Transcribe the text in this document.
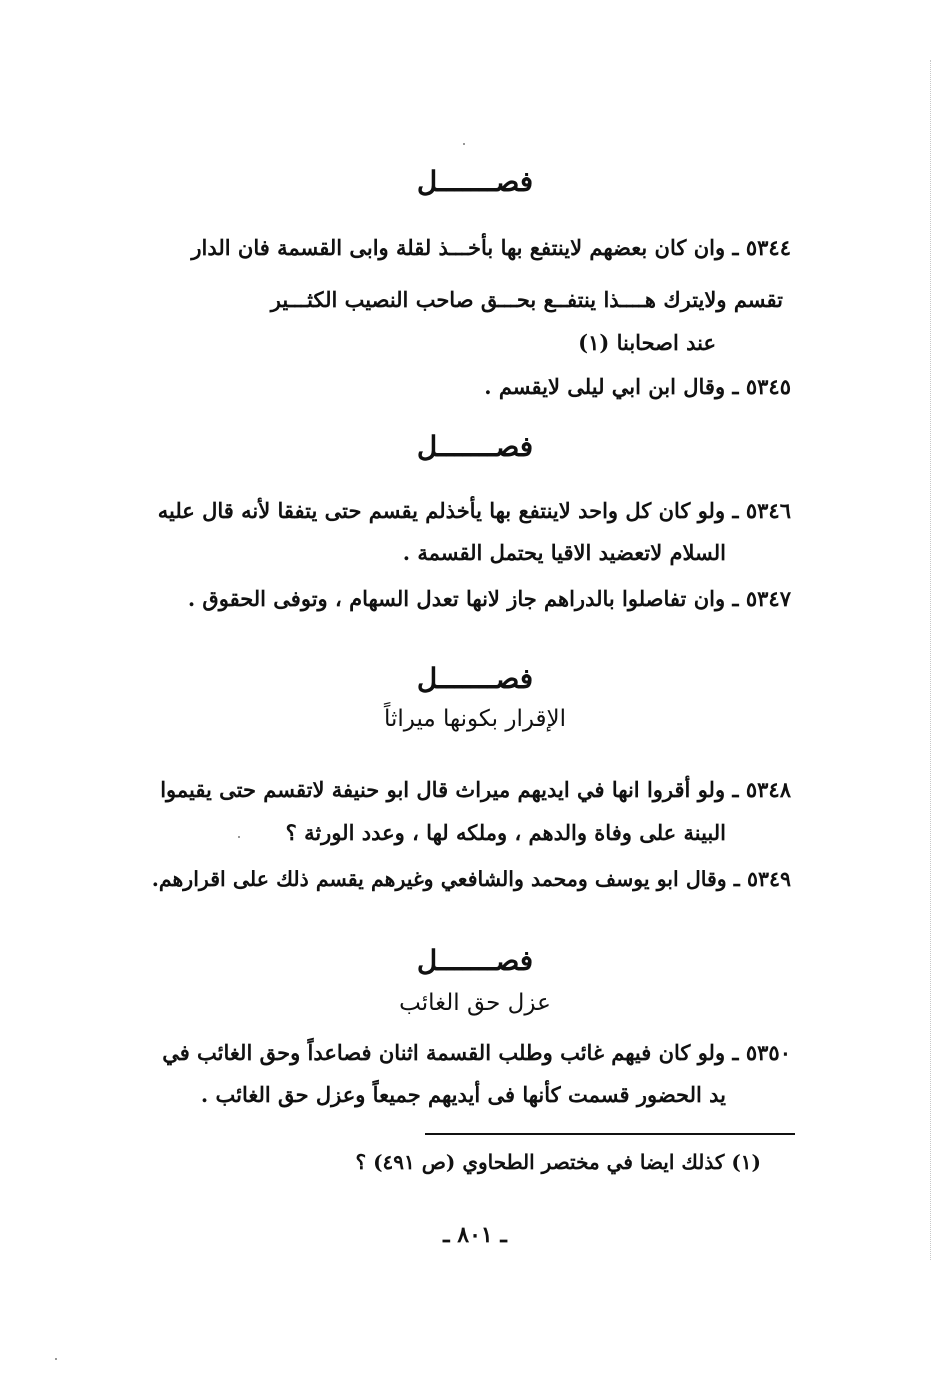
فصـــــــل
٥٣٤٤ ـ وان كان بعضهم لاينتفع بها بأخـــذ لقلة وابى القسمة فان الدار
تقسم ولايترك هــــذا ينتفــع بحـــق صاحب النصيب الكثـــير
عند اصحابنا (١)
٥٣٤٥ ـ وقال ابن ابي ليلى لايقسم .
فصـــــــل
٥٣٤٦ ـ ولو كان كل واحد لاينتفع بها يأخذلم يقسم حتى يتفقا لأنه قال عليه
السلام لاتعضيد الاقيا يحتمل القسمة .
٥٣٤٧ ـ وان تفاصلوا بالدراهم جاز لانها تعدل السهام ، وتوفى الحقوق .
فصـــــــل
الإقرار بكونها ميراثاً
٥٣٤٨ ـ ولو أقروا انها في ايديهم ميراث قال ابو حنيفة لاتقسم حتى يقيموا
البينة على وفاة والدهم ، وملكه لها ، وعدد الورثة ؟
٥٣٤٩ ـ وقال ابو يوسف ومحمد والشافعي وغيرهم يقسم ذلك على اقرارهم.
فصـــــــل
عزل حق الغائب
٥٣٥٠ ـ ولو كان فيهم غائب وطلب القسمة اثنان فصاعداً وحق الغائب في
يد الحضور قسمت كأنها فى أيديهم جميعاً وعزل حق الغائب .
(١) كذلك ايضا في مختصر الطحاوي (ص ٤٩١) ؟
ـ ٨٠١ ـ
